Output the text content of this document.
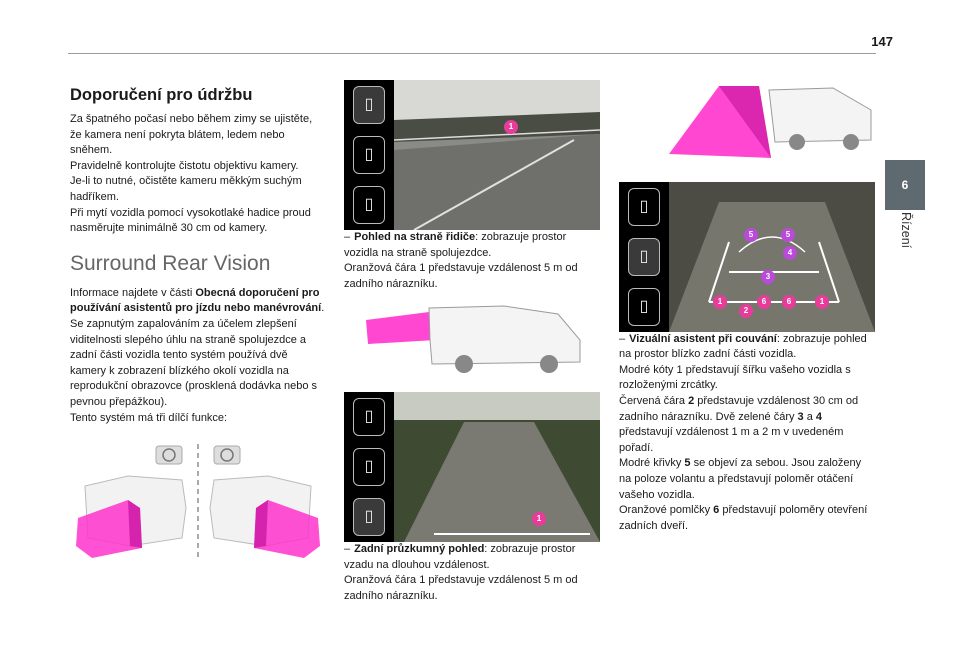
147
6
Řízení
Doporučení pro údržbu

Za špatného počasí nebo během zimy se ujistěte, že kamera není pokryta blátem, ledem nebo sněhem.

Pravidelně kontrolujte čistotu objektivu kamery.

Je-li to nutné, očistěte kameru měkkým suchým hadříkem.

Při mytí vozidla pomocí vysokotlaké hadice proud nasměrujte minimálně 30 cm od kamery.

Surround Rear Vision

Informace najdete v části Obecná doporučení pro používání asistentů pro jízdu nebo manévrování.

Se zapnutým zapalováním za účelem zlepšení viditelnosti slepého úhlu na straně spolujezdce a zadní části vozidla tento systém používá dvě kamery k zobrazení blízkého okolí vozidla na reprodukční obrazovce (prosklená dodávka nebo s pevnou přepážkou).

Tento systém má tři dílčí funkce:

▯
▯
▯
1

– Pohled na straně řidiče: zobrazuje prostor vozidla na straně spolujezdce.

Oranžová čára 1 představuje vzdálenost 5 m od zadního nárazníku.

▯
▯
▯	1

– Zadní průzkumný pohled: zobrazuje prostor vzadu na dlouhou vzdálenost.

Oranžová čára 1 představuje vzdálenost 5 m od zadního nárazníku.

▯
▯
▯
5	5
4
3
1
2
6	6	1

– Vizuální asistent při couvání: zobrazuje pohled na prostor blízko zadní části vozidla.

Modré kóty 1 představují šířku vašeho vozidla s rozloženými zrcátky.

Červená čára 2 představuje vzdálenost 30 cm od zadního nárazníku. Dvě zelené čáry 3 a 4 představují vzdálenost 1 m a 2 m v uvedeném pořadí.

Modré křivky 5 se objeví za sebou. Jsou založeny na poloze volantu a představují poloměr otáčení vašeho vozidla.

Oranžové pomlčky 6 představují poloměry otevření zadních dveří.
